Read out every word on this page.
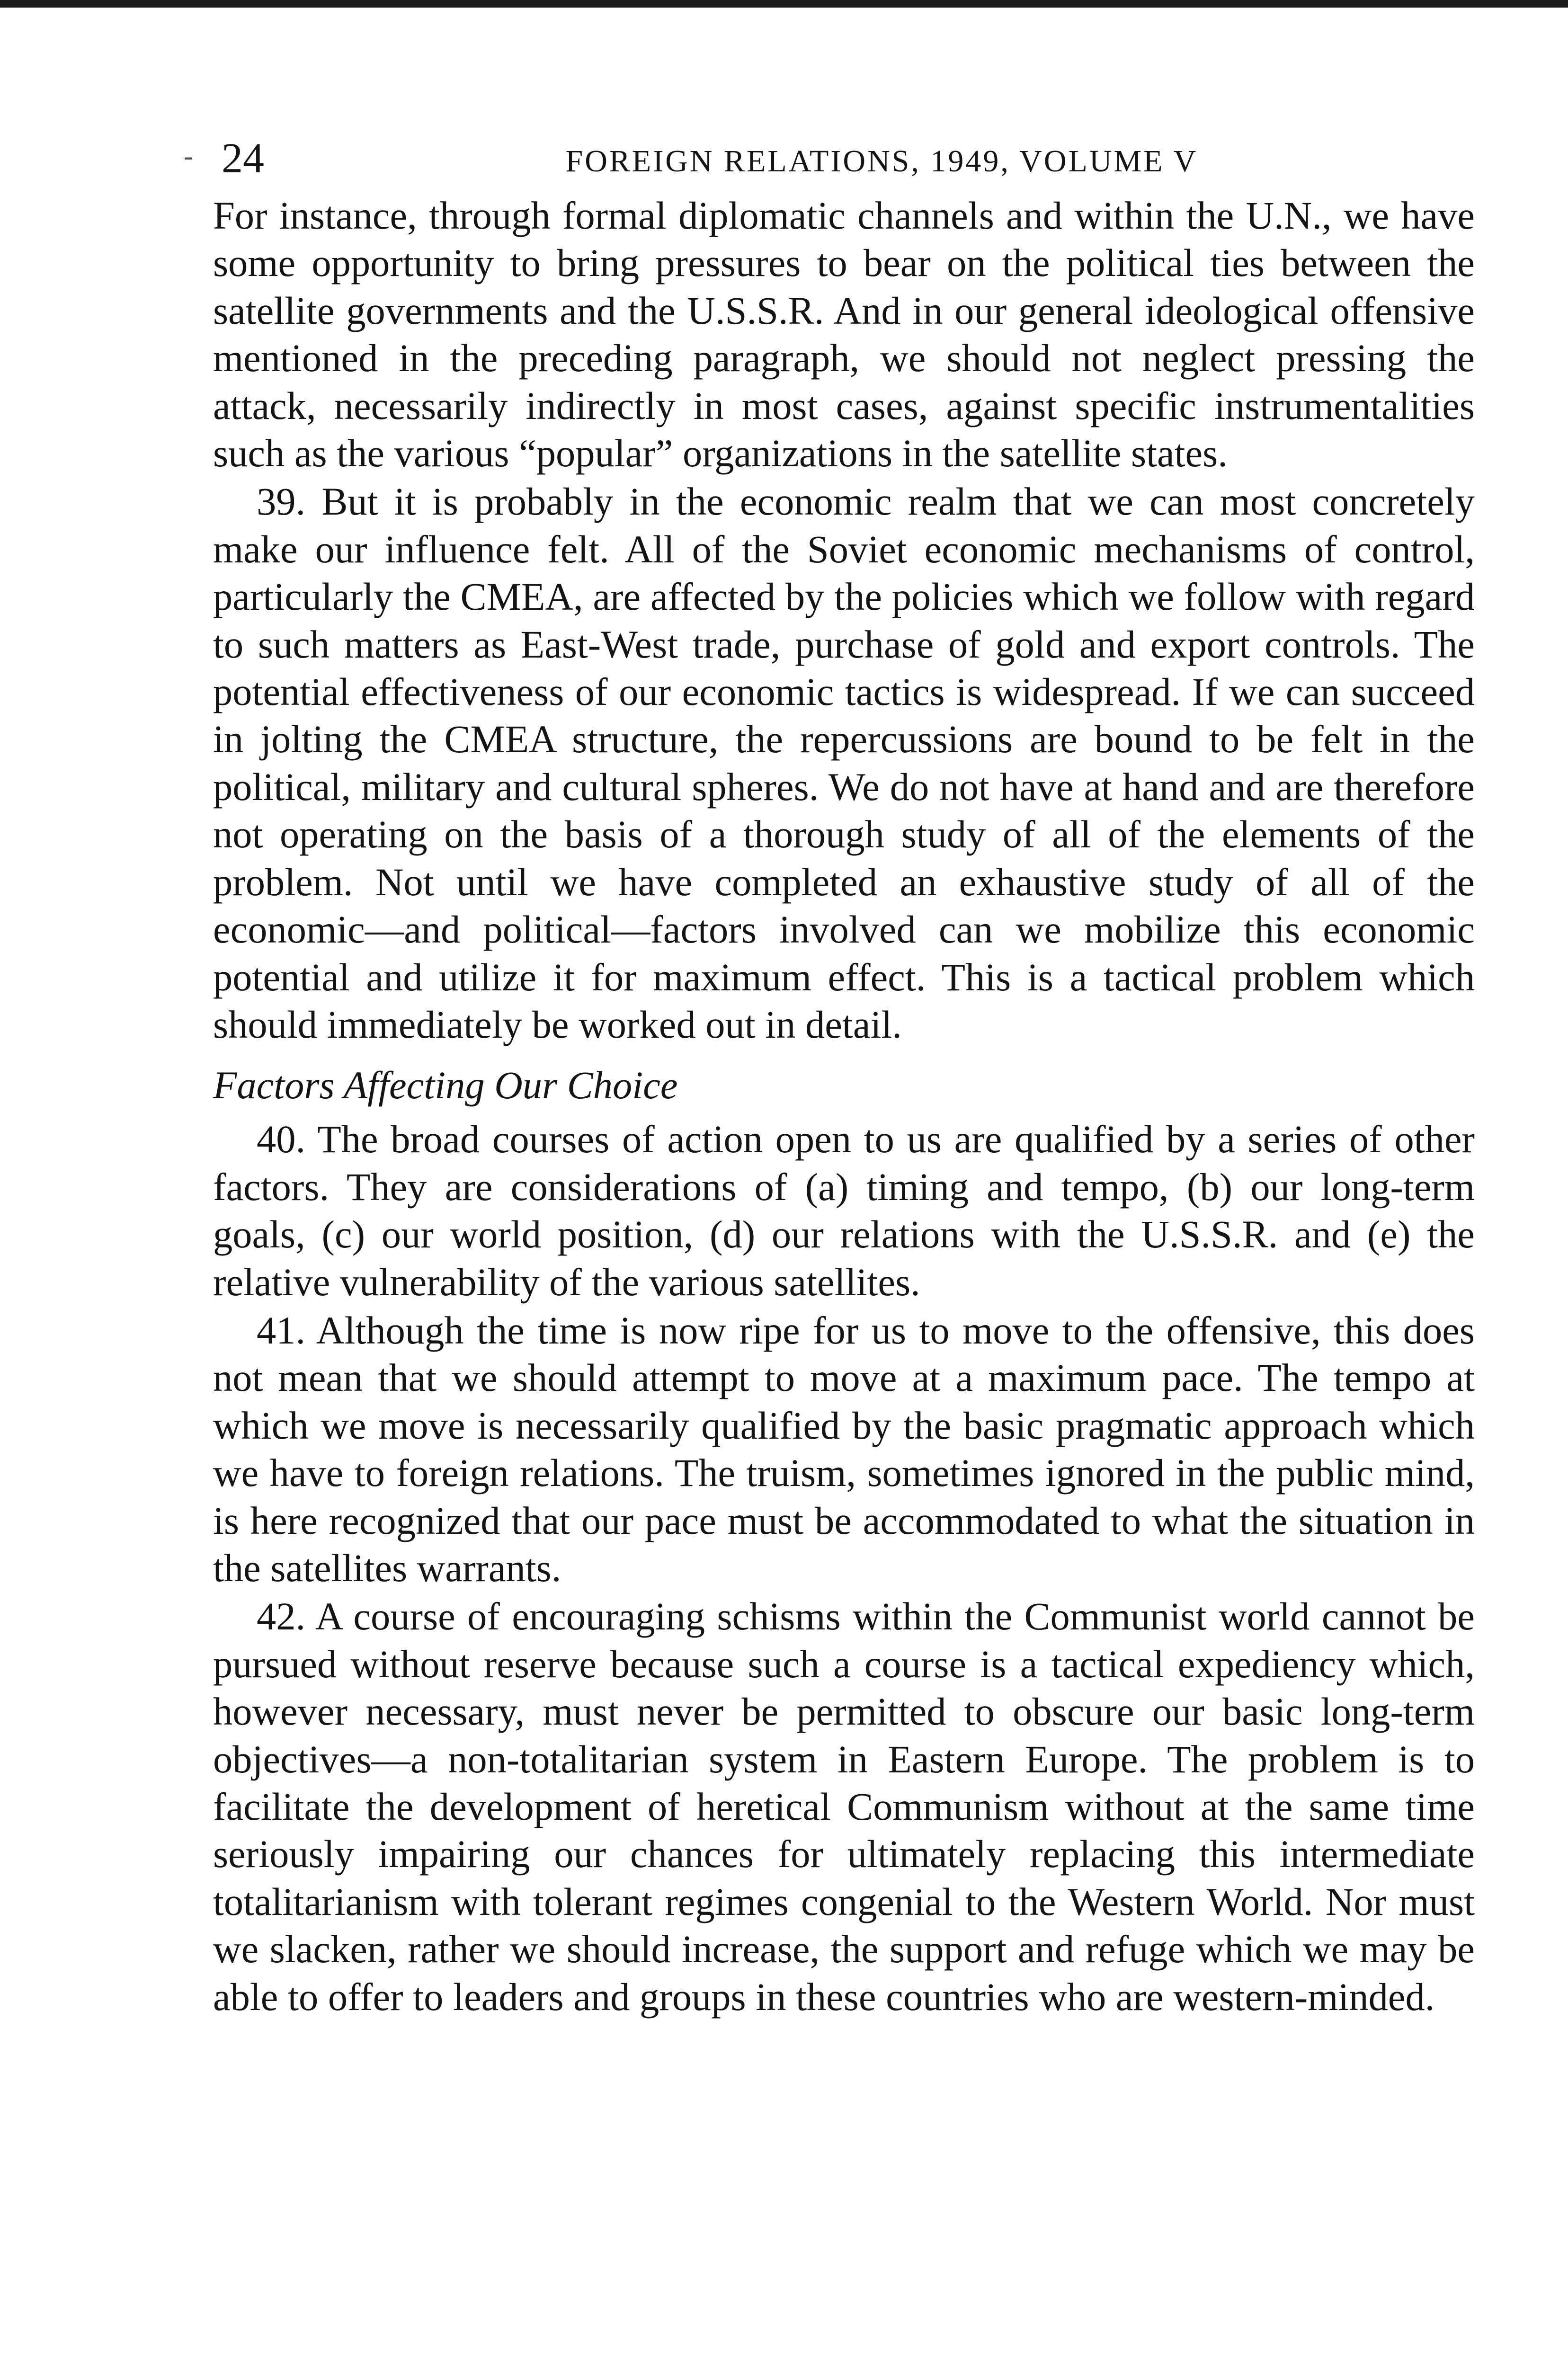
- 24	FOREIGN RELATIONS, 1949, VOLUME V

For instance, through formal diplomatic channels and within the U.N., we have some opportunity to bring pressures to bear on the political ties between the satellite governments and the U.S.S.R. And in our general ideological offensive mentioned in the preceding paragraph, we should not neglect pressing the attack, necessarily indirectly in most cases, against specific instrumentalities such as the various “popular” organizations in the satellite states.

39. But it is probably in the economic realm that we can most concretely make our influence felt. All of the Soviet economic mechanisms of control, particularly the CMEA, are affected by the policies which we follow with regard to such matters as East-West trade, purchase of gold and export controls. The potential effectiveness of our economic tactics is widespread. If we can succeed in jolting the CMEA structure, the repercussions are bound to be felt in the political, military and cultural spheres. We do not have at hand and are therefore not operating on the basis of a thorough study of all of the elements of the problem. Not until we have completed an exhaustive study of all of the economic—and political—factors involved can we mobilize this economic potential and utilize it for maximum effect. This is a tactical problem which should immediately be worked out in detail.

Factors Affecting Our Choice

40. The broad courses of action open to us are qualified by a series of other factors. They are considerations of (a) timing and tempo, (b) our long-term goals, (c) our world position, (d) our relations with the U.S.S.R. and (e) the relative vulnerability of the various satellites.

41. Although the time is now ripe for us to move to the offensive, this does not mean that we should attempt to move at a maximum pace. The tempo at which we move is necessarily qualified by the basic pragmatic approach which we have to foreign relations. The truism, sometimes ignored in the public mind, is here recognized that our pace must be accommodated to what the situation in the satellites warrants.

42. A course of encouraging schisms within the Communist world cannot be pursued without reserve because such a course is a tactical expediency which, however necessary, must never be permitted to obscure our basic long-term objectives—a non-totalitarian system in Eastern Europe. The problem is to facilitate the development of heretical Communism without at the same time seriously impairing our chances for ultimately replacing this intermediate totalitarianism with tolerant regimes congenial to the Western World. Nor must we slacken, rather we should increase, the support and refuge which we may be able to offer to leaders and groups in these countries who are western-minded.
